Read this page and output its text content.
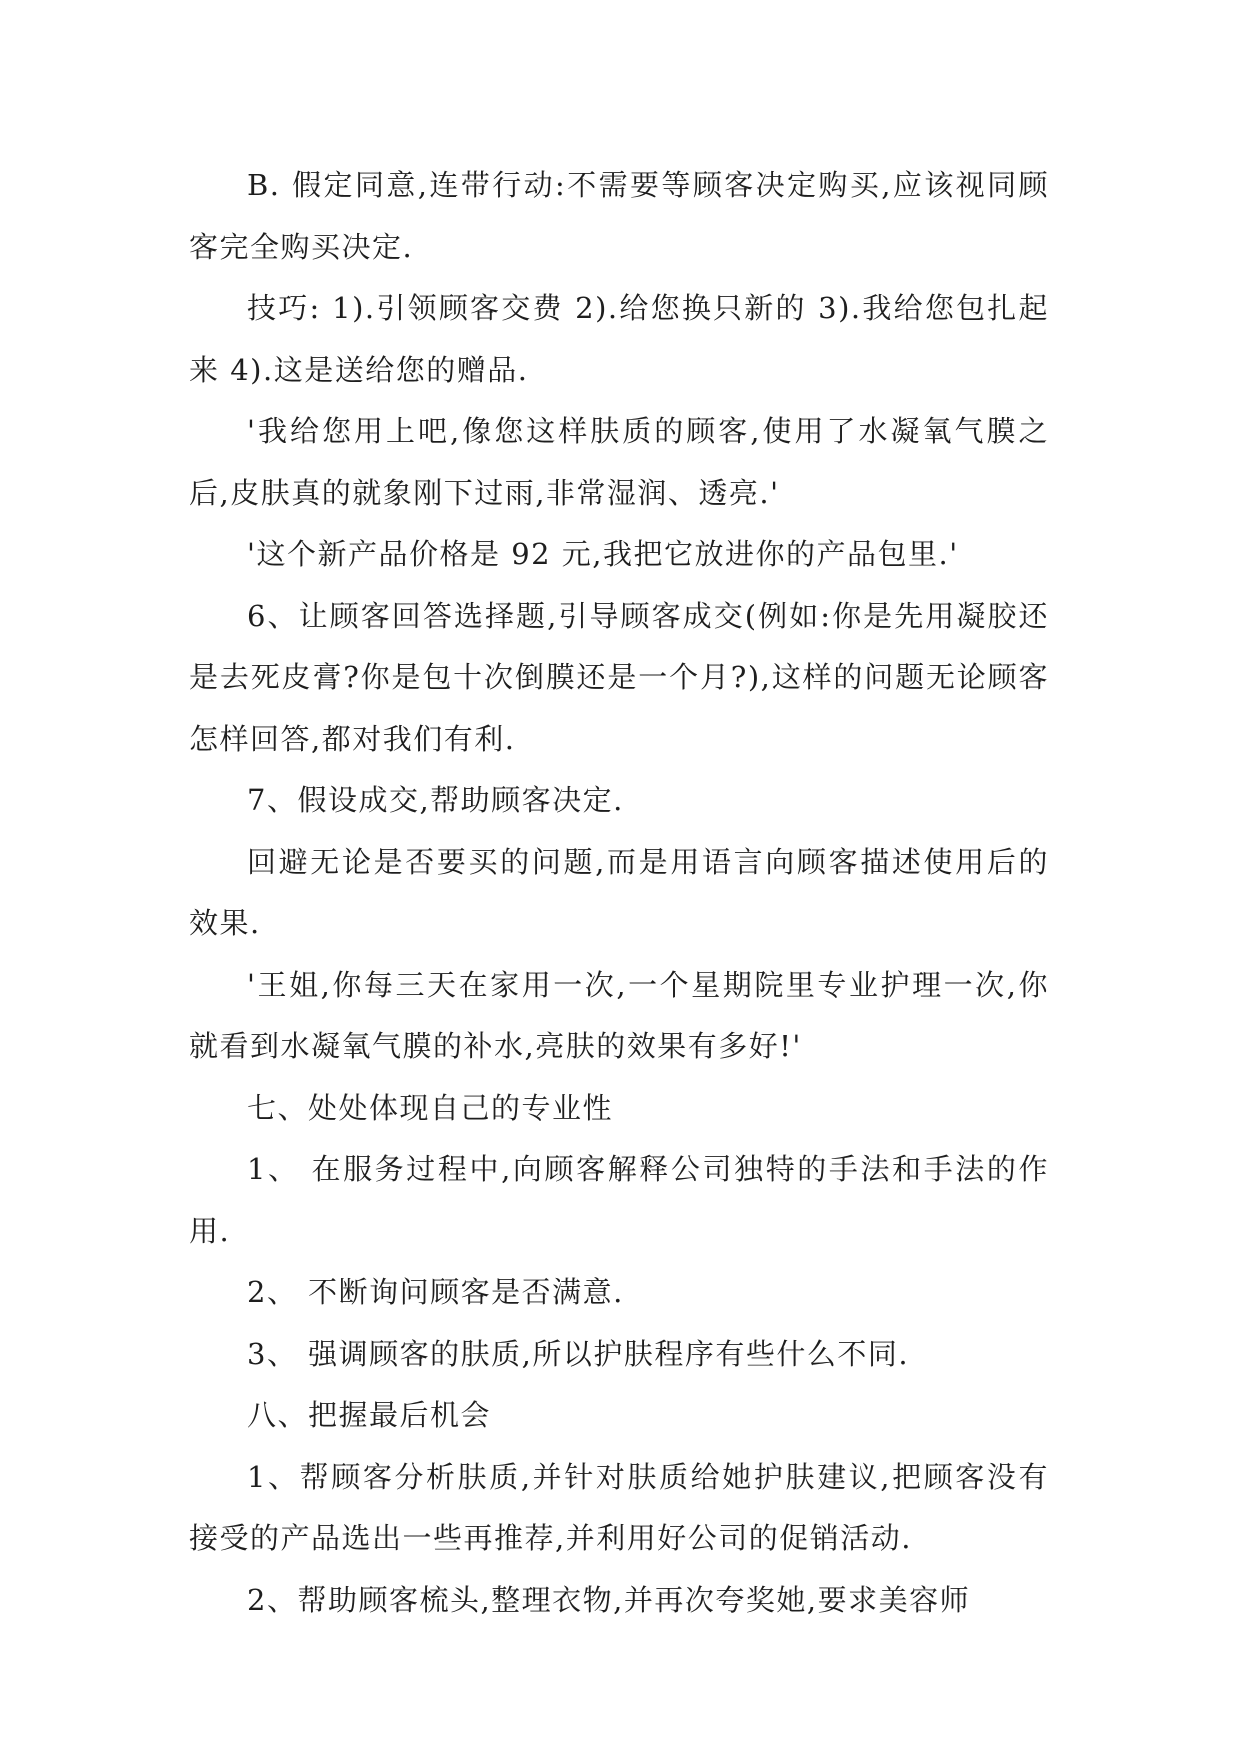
B. 假定同意,连带行动:不需要等顾客决定购买,应该视同顾客完全购买决定.

技巧: 1).引领顾客交费 2).给您换只新的 3).我给您包扎起来 4).这是送给您的赠品.

'我给您用上吧,像您这样肤质的顾客,使用了水凝氧气膜之后,皮肤真的就象刚下过雨,非常湿润、透亮.'

'这个新产品价格是 92 元,我把它放进你的产品包里.'

6、让顾客回答选择题,引导顾客成交(例如:你是先用凝胶还是去死皮膏?你是包十次倒膜还是一个月?),这样的问题无论顾客怎样回答,都对我们有利.

7、假设成交,帮助顾客决定.

回避无论是否要买的问题,而是用语言向顾客描述使用后的效果.

'王姐,你每三天在家用一次,一个星期院里专业护理一次,你就看到水凝氧气膜的补水,亮肤的效果有多好!'

七、处处体现自己的专业性

1、 在服务过程中,向顾客解释公司独特的手法和手法的作用.

2、 不断询问顾客是否满意.

3、 强调顾客的肤质,所以护肤程序有些什么不同.

八、把握最后机会

1、帮顾客分析肤质,并针对肤质给她护肤建议,把顾客没有接受的产品选出一些再推荐,并利用好公司的促销活动.

2、帮助顾客梳头,整理衣物,并再次夸奖她,要求美容师
